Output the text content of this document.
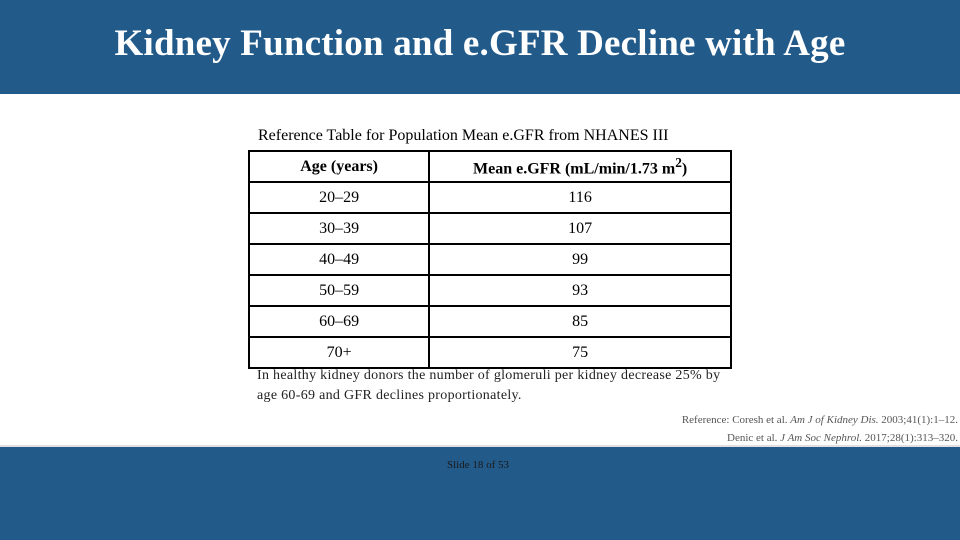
Kidney Function and e.GFR Decline with Age
Reference Table for Population Mean e.GFR from NHANES III
Age (years)	Mean e.GFR (mL/min/1.73 $m^2$)
20–29	116
30–39	107
40–49	99
50–59	93
60–69	85
70+	75
In healthy kidney donors the number of glomeruli per kidney decrease 25% by age 60-69 and GFR declines proportionately.
Reference: Coresh et al. Am J of Kidney Dis. 2003;41(1):1–12.
Denic et al. J Am Soc Nephrol. 2017;28(1):313–320.
Slide 18 of 53
